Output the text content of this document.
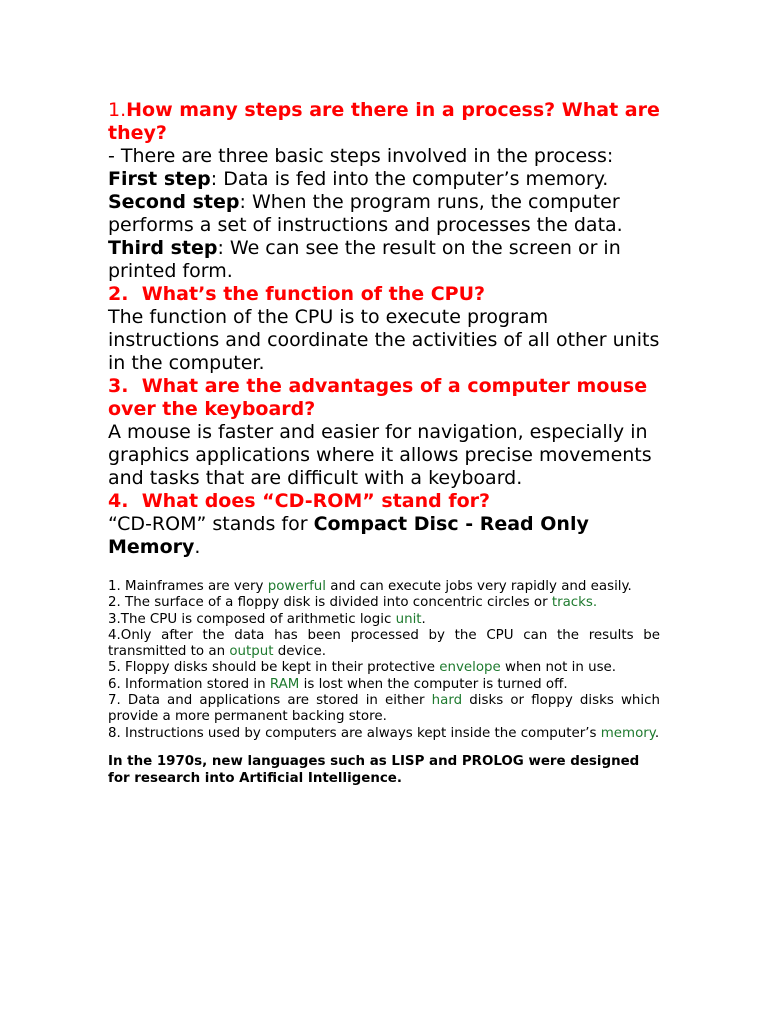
1.How many steps are there in a process? What are they?

- There are three basic steps involved in the process: First step: Data is fed into the computer’s memory.

Second step: When the program runs, the computer performs a set of instructions and processes the data.

Third step: We can see the result on the screen or in printed form.

2. What’s the function of the CPU?

The function of the CPU is to execute program instructions and coordinate the activities of all other units in the computer.

3. What are the advantages of a computer mouse over the keyboard?

A mouse is faster and easier for navigation, especially in graphics applications where it allows precise movements and tasks that are difficult with a keyboard.

4. What does “CD-ROM” stand for?

“CD-ROM” stands for Compact Disc - Read Only Memory.

1. Mainframes are very powerful and can execute jobs very rapidly and easily.

2. The surface of a floppy disk is divided into concentric circles or tracks.

3.The CPU is composed of arithmetic logic unit.

4.Only after the data has been processed by the CPU can the results be transmitted to an output device.

5. Floppy disks should be kept in their protective envelope when not in use.

6. Information stored in RAM is lost when the computer is turned off.

7. Data and applications are stored in either hard disks or floppy disks which provide a more permanent backing store.

8. Instructions used by computers are always kept inside the computer’s memory.

In the 1970s, new languages such as LISP and PROLOG were designed for research into Artificial Intelligence.
